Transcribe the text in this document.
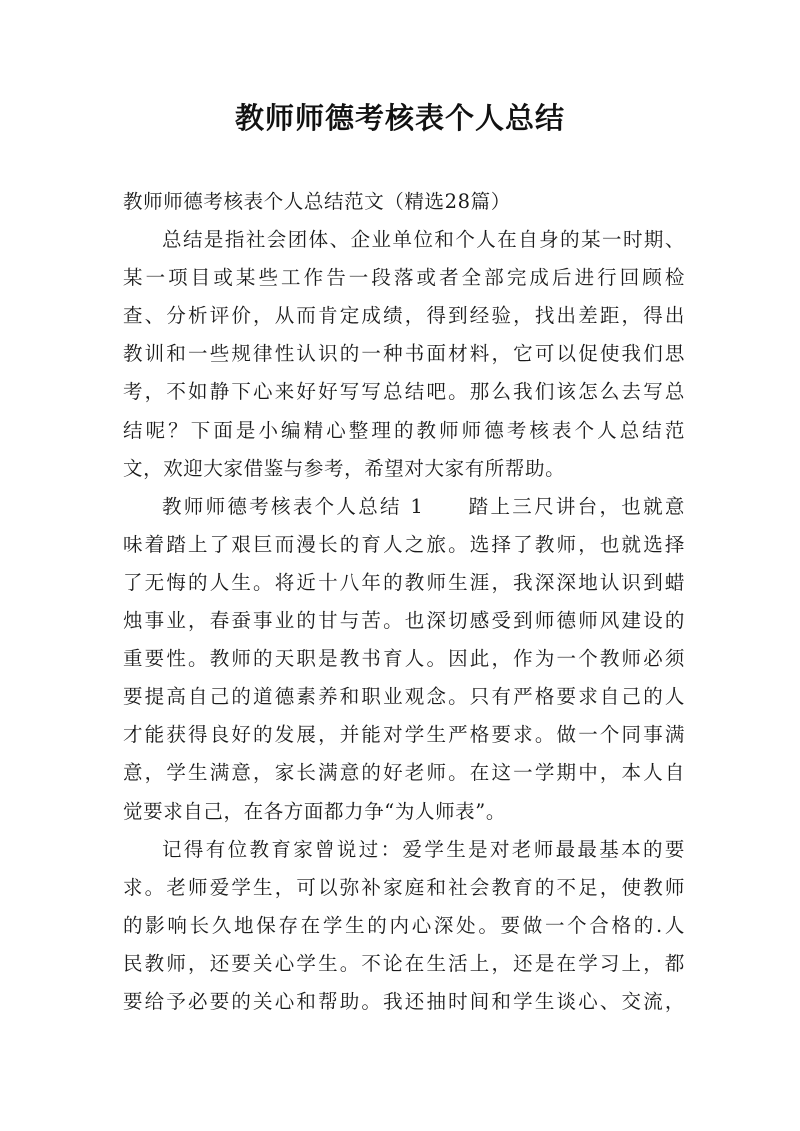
教师师德考核表个人总结
教师师德考核表个人总结范文（精选28篇）
总结是指社会团体、企业单位和个人在自身的某一时期、
某一项目或某些工作告一段落或者全部完成后进行回顾检
查、分析评价，从而肯定成绩，得到经验，找出差距，得出
教训和一些规律性认识的一种书面材料，它可以促使我们思
考，不如静下心来好好写写总结吧。那么我们该怎么去写总
结呢？下面是小编精心整理的教师师德考核表个人总结范
文，欢迎大家借鉴与参考，希望对大家有所帮助。
教师师德考核表个人总结 1　　踏上三尺讲台，也就意
味着踏上了艰巨而漫长的育人之旅。选择了教师，也就选择
了无悔的人生。将近十八年的教师生涯，我深深地认识到蜡
烛事业，春蚕事业的甘与苦。也深切感受到师德师风建设的
重要性。教师的天职是教书育人。因此，作为一个教师必须
要提高自己的道德素养和职业观念。只有严格要求自己的人
才能获得良好的发展，并能对学生严格要求。做一个同事满
意，学生满意，家长满意的好老师。在这一学期中，本人自
觉要求自己，在各方面都力争“为人师表”。
记得有位教育家曾说过：爱学生是对老师最最基本的要
求。老师爱学生，可以弥补家庭和社会教育的不足，使教师
的影响长久地保存在学生的内心深处。要做一个合格的.人
民教师，还要关心学生。不论在生活上，还是在学习上，都
要给予必要的关心和帮助。我还抽时间和学生谈心、交流，
